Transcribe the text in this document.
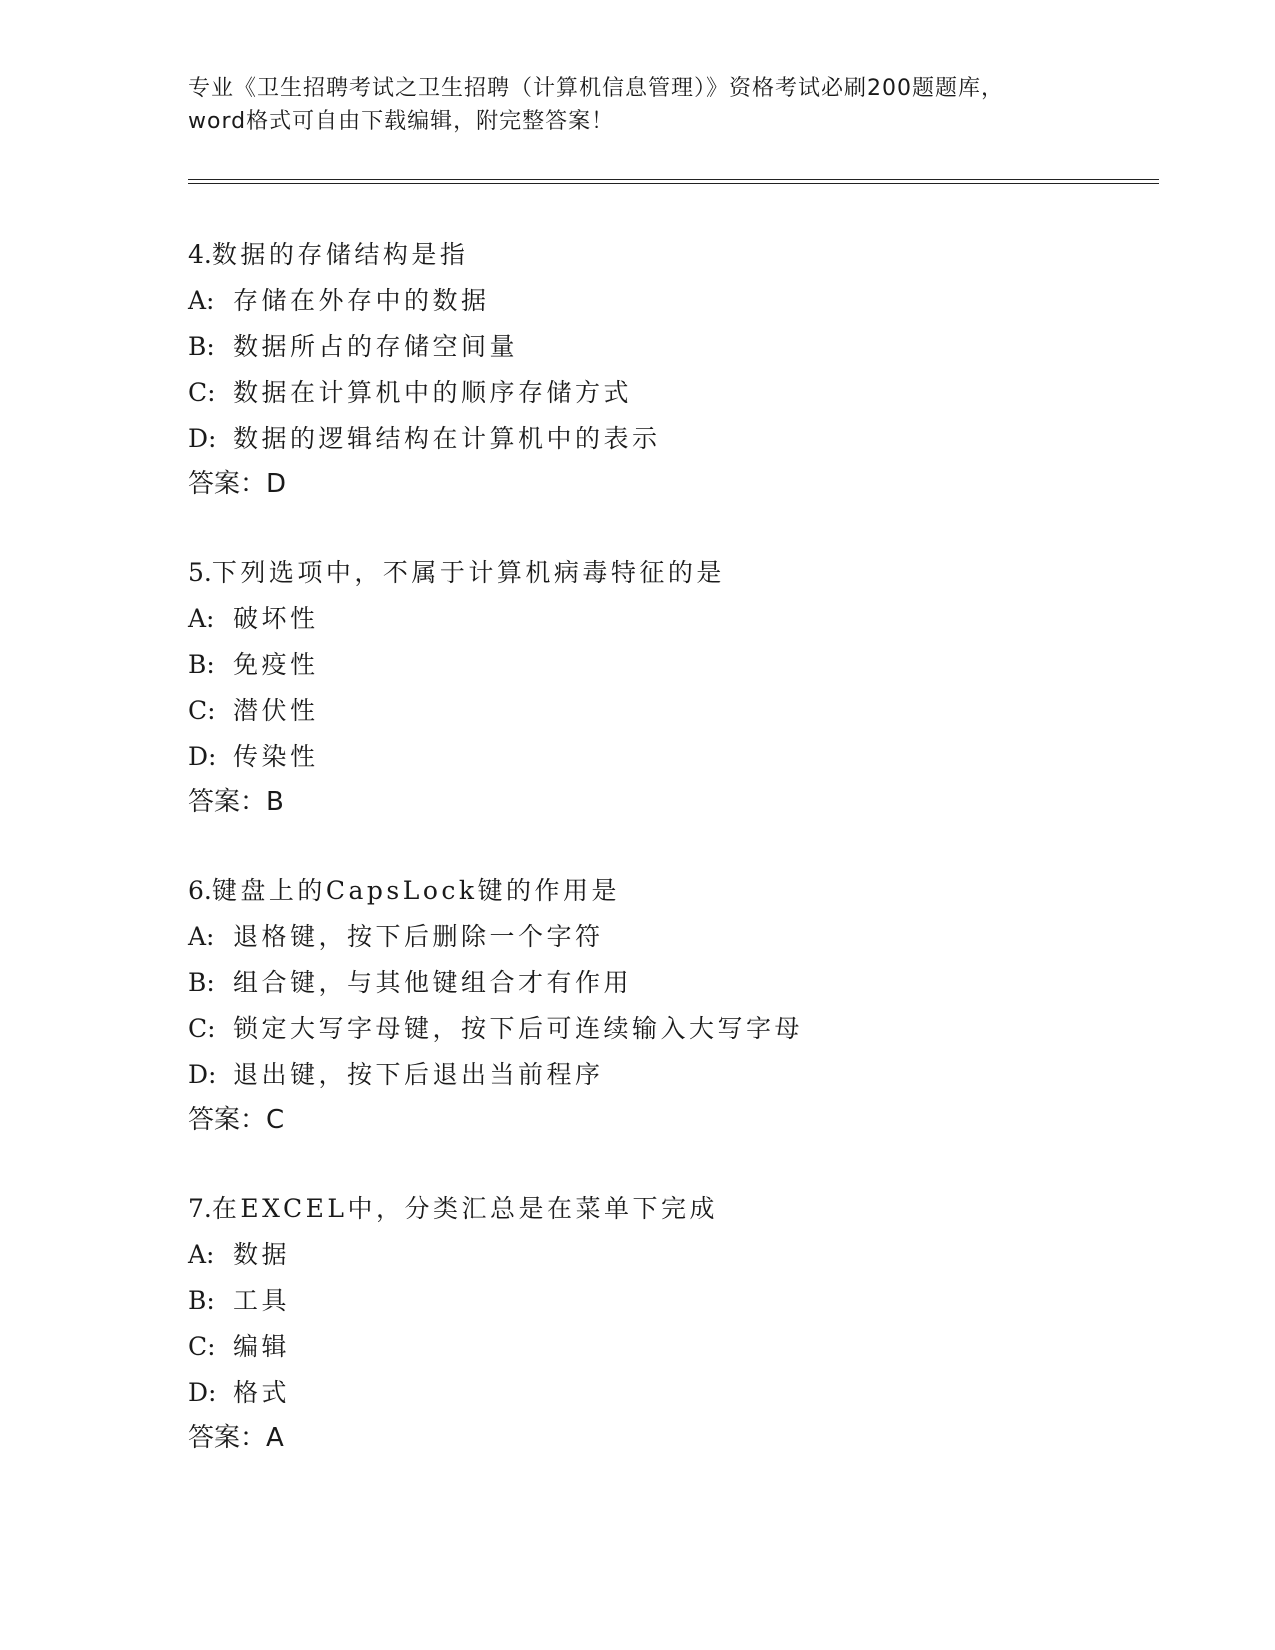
专业《卫生招聘考试之卫生招聘（计算机信息管理）》资格考试必刷200题题库，
word格式可自由下载编辑，附完整答案！
4.数据的存储结构是指
A: 存储在外存中的数据
B: 数据所占的存储空间量
C: 数据在计算机中的顺序存储方式
D: 数据的逻辑结构在计算机中的表示
答案：D
5.下列选项中，不属于计算机病毒特征的是
A: 破坏性
B: 免疫性
C: 潜伏性
D: 传染性
答案：B
6.键盘上的CapsLock键的作用是
A: 退格键，按下后删除一个字符
B: 组合键，与其他键组合才有作用
C: 锁定大写字母键，按下后可连续输入大写字母
D: 退出键，按下后退出当前程序
答案：C
7.在EXCEL中，分类汇总是在菜单下完成
A: 数据
B: 工具
C: 编辑
D: 格式
答案：A
